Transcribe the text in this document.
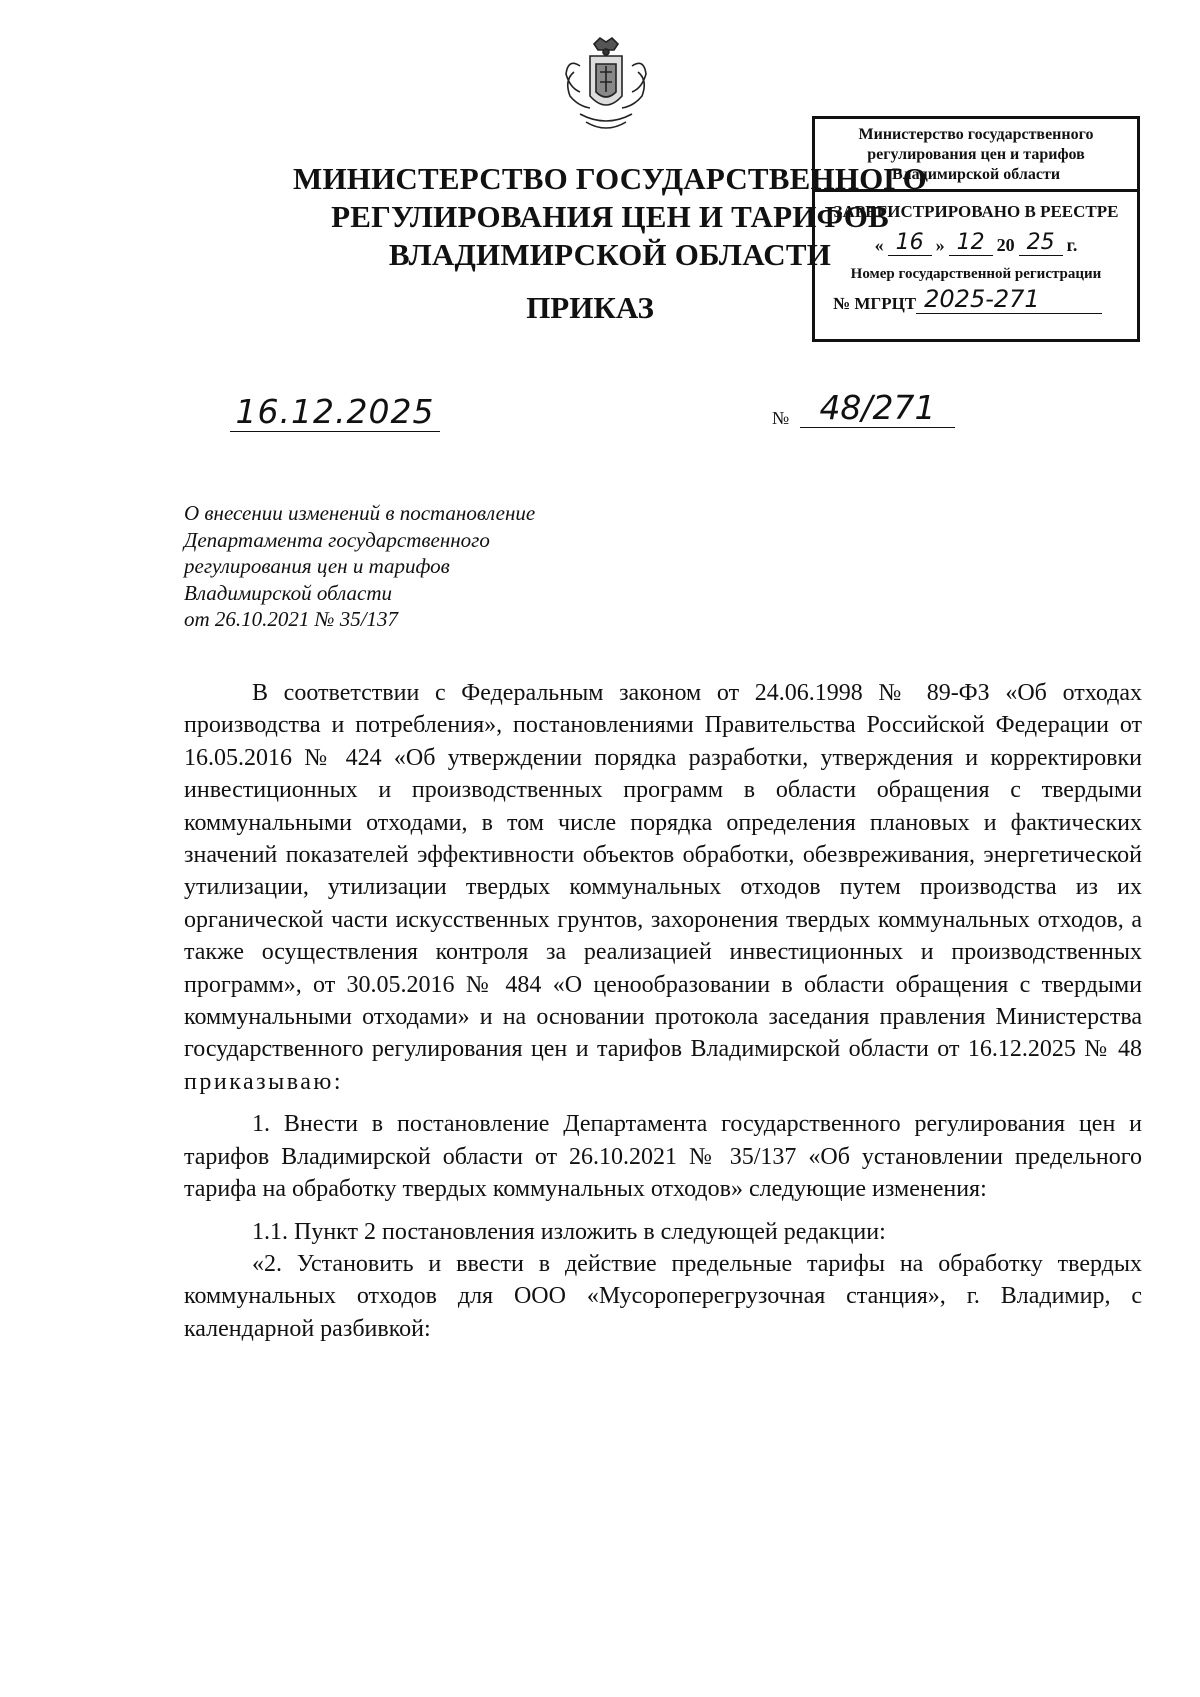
Министерство государственного
регулирования цен и тарифов
Владимирской области
ЗАРЕГИСТРИРОВАНО В РЕЕСТРЕ
« 16 » 12 20 25 г.
Номер государственной регистрации
№ МГРЦТ 2025-271
МИНИСТЕРСТВО ГОСУДАРСТВЕННОГО
РЕГУЛИРОВАНИЯ ЦЕН И ТАРИФОВ
ВЛАДИМИРСКОЙ ОБЛАСТИ
ПРИКАЗ
16.12.2025	№ 48/271
О внесении изменений в постановление
Департамента государственного
регулирования цен и тарифов
Владимирской области
от 26.10.2021 № 35/137

В соответствии с Федеральным законом от 24.06.1998 № 89-ФЗ «Об отходах производства и потребления», постановлениями Правительства Российской Федерации от 16.05.2016 № 424 «Об утверждении порядка разработки, утверждения и корректировки инвестиционных и производственных программ в области обращения с твердыми коммунальными отходами, в том числе порядка определения плановых и фактических значений показателей эффективности объектов обработки, обезвреживания, энергетической утилизации, утилизации твердых коммунальных отходов путем производства из их органической части искусственных грунтов, захоронения твердых коммунальных отходов, а также осуществления контроля за реализацией инвестиционных и производственных программ», от 30.05.2016 № 484 «О ценообразовании в области обращения с твердыми коммунальными отходами» и на основании протокола заседания правления Министерства государственного регулирования цен и тарифов Владимирской области от 16.12.2025 № 48 приказываю:

1. Внести в постановление Департамента государственного регулирования цен и тарифов Владимирской области от 26.10.2021 № 35/137 «Об установлении предельного тарифа на обработку твердых коммунальных отходов» следующие изменения:

1.1. Пункт 2 постановления изложить в следующей редакции:

«2. Установить и ввести в действие предельные тарифы на обработку твердых коммунальных отходов для ООО «Мусороперегрузочная станция», г. Владимир, с календарной разбивкой:
